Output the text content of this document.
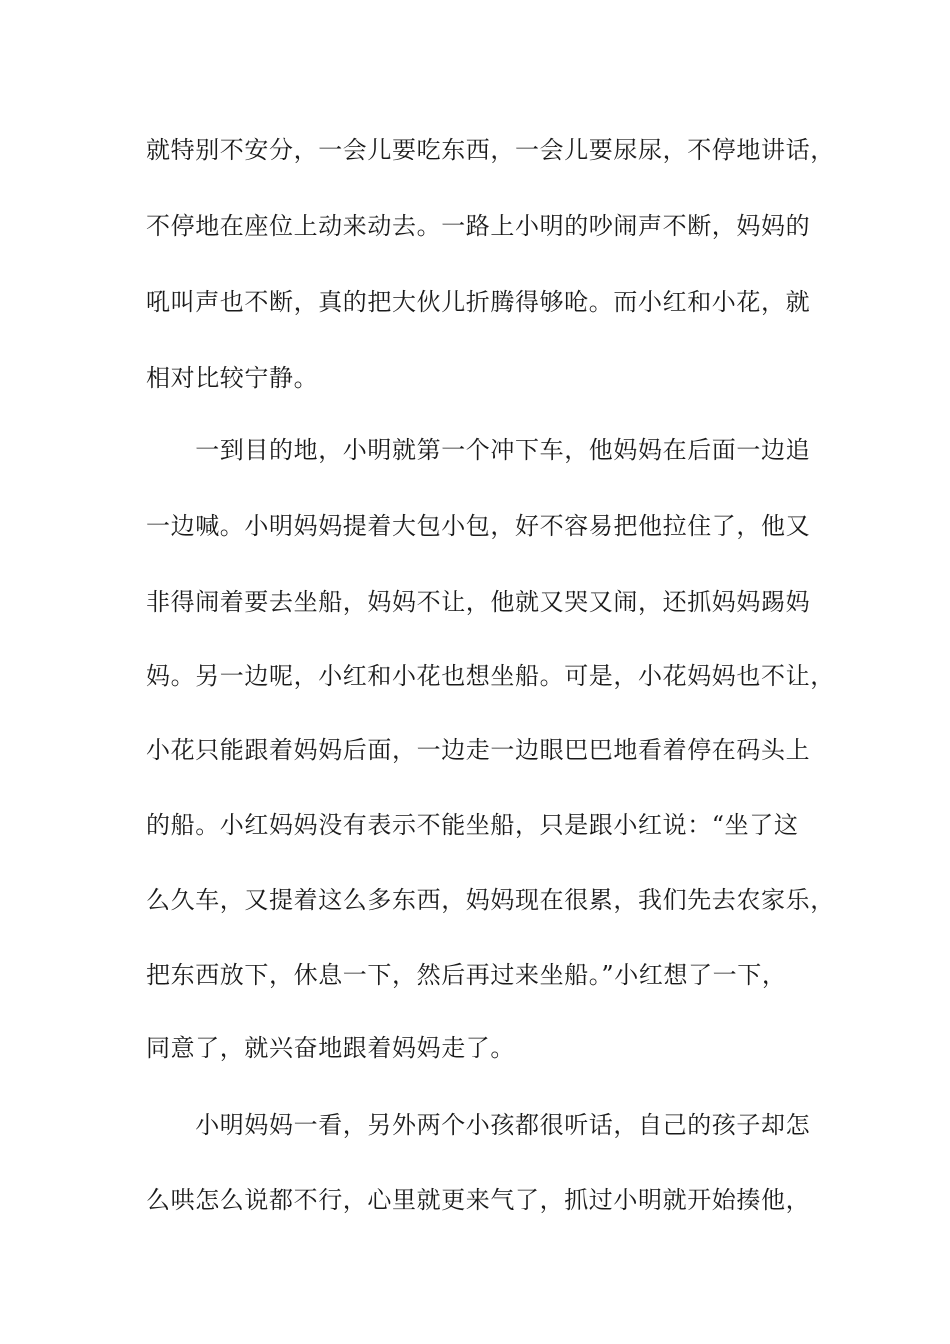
就特别不安分，一会儿要吃东西，一会儿要尿尿，不停地讲话，
不停地在座位上动来动去。一路上小明的吵闹声不断，妈妈的
吼叫声也不断，真的把大伙儿折腾得够呛。而小红和小花，就
相对比较宁静。
　　一到目的地，小明就第一个冲下车，他妈妈在后面一边追
一边喊。小明妈妈提着大包小包，好不容易把他拉住了，他又
非得闹着要去坐船，妈妈不让，他就又哭又闹，还抓妈妈踢妈
妈。另一边呢，小红和小花也想坐船。可是，小花妈妈也不让，
小花只能跟着妈妈后面，一边走一边眼巴巴地看着停在码头上
的船。小红妈妈没有表示不能坐船，只是跟小红说：“坐了这
么久车，又提着这么多东西，妈妈现在很累，我们先去农家乐，
把东西放下，休息一下，然后再过来坐船。”小红想了一下，
同意了，就兴奋地跟着妈妈走了。
　　小明妈妈一看，另外两个小孩都很听话，自己的孩子却怎
么哄怎么说都不行，心里就更来气了，抓过小明就开始揍他，
